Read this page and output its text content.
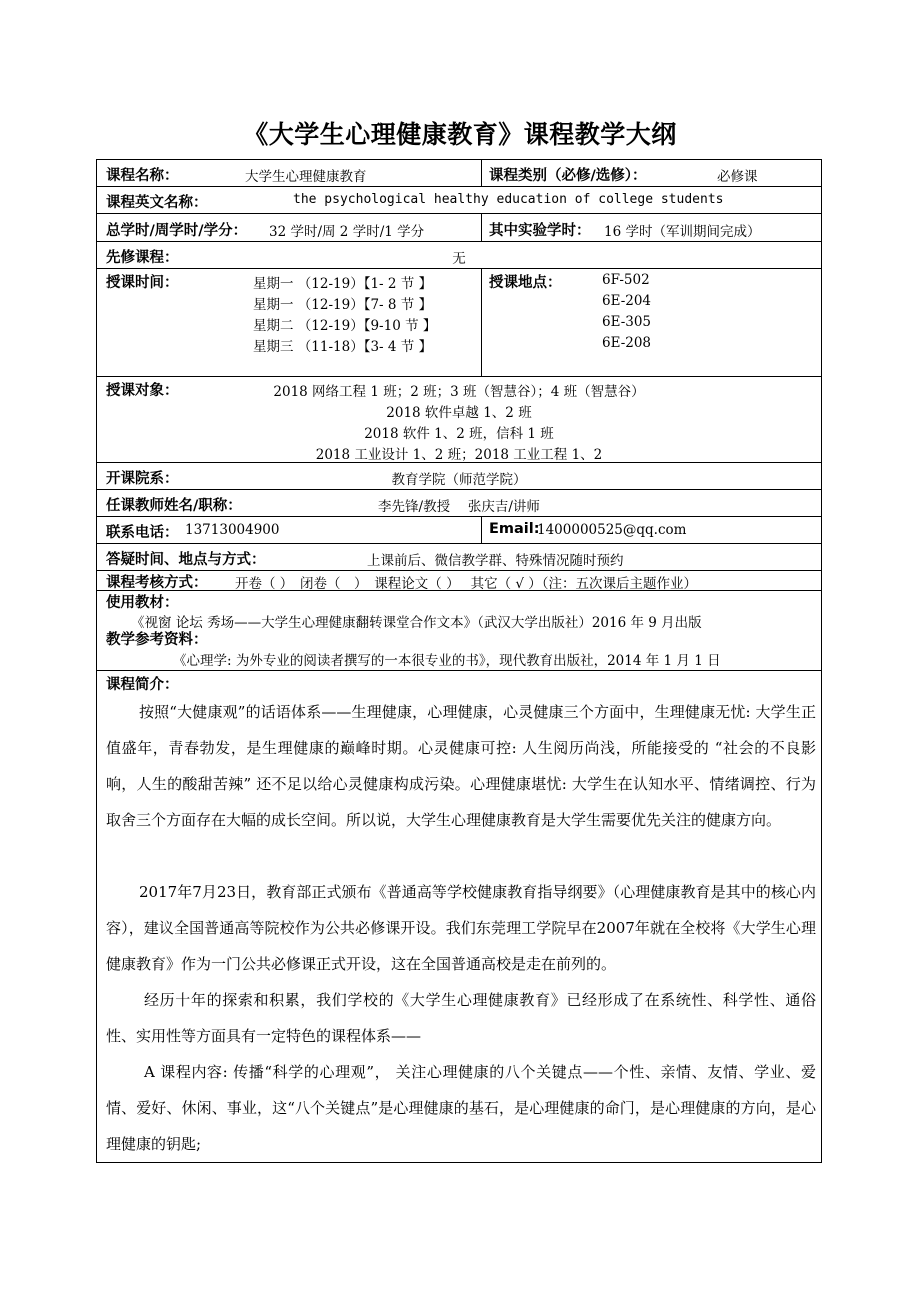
《大学生心理健康教育》课程教学大纲
课程名称：	大学生心理健康教育	课程类别（必修/选修）：	必修课
课程英文名称：	the psychological healthy education of college students
总学时/周学时/学分： 32 学时/周 2 学时/1 学分	其中实验学时： 16 学时（军训期间完成）
先修课程：	无
授课时间：	星期一 （12-19）【1- 2 节 】
星期一 （12-19）【7- 8 节 】
星期二 （12-19）【9-10 节 】
星期三 （11-18）【3- 4 节 】
授课地点：	6F-502
6E-204
6E-305
6E-208
授课对象：	2018 网络工程 1 班；2 班；3 班（智慧谷）；4 班（智慧谷）
2018 软件卓越 1、2 班
2018 软件 1、2 班，信科 1 班
2018 工业设计 1、2 班；2018 工业工程 1、2
开课院系：	教育学院（师范学院）
任课教师姓名/职称：	李先锋/教授　 张庆吉/讲师
联系电话： 13713004900	Email:
1400000525@qq.com
答疑时间、地点与方式：	上课前后、微信教学群、特殊情况随时预约
课程考核方式： 开卷（ ）　闭卷（　）　课程论文（ ）　 其它（ √ ）（注：五次课后主题作业）
使用教材：
《视窗 论坛 秀场——大学生心理健康翻转课堂合作文本》（武汉大学出版社）2016 年 9 月出版
教学参考资料：
《心理学: 为外专业的阅读者撰写的一本很专业的书》，现代教育出版社，2014 年 1 月 1 日
课程简介：

按照“大健康观”的话语体系——生理健康，心理健康，心灵健康三个方面中，生理健康无忧: 大学生正值盛年，青春勃发，是生理健康的巅峰时期。心灵健康可控: 人生阅历尚浅，所能接受的 “社会的不良影响，人生的酸甜苦辣” 还不足以给心灵健康构成污染。心理健康堪忧: 大学生在认知水平、情绪调控、行为取舍三个方面存在大幅的成长空间。所以说，大学生心理健康教育是大学生需要优先关注的健康方向。

2017年7月23日，教育部正式颁布《普通高等学校健康教育指导纲要》（心理健康教育是其中的核心内容），建议全国普通高等院校作为公共必修课开设。我们东莞理工学院早在2007年就在全校将《大学生心理健康教育》作为一门公共必修课正式开设，这在全国普通高校是走在前列的。

经历十年的探索和积累，我们学校的《大学生心理健康教育》已经形成了在系统性、科学性、通俗性、实用性等方面具有一定特色的课程体系——

A 课程内容: 传播“科学的心理观”， 关注心理健康的八个关键点——个性、亲情、友情、学业、爱情、爱好、休闲、事业，这“八个关键点”是心理健康的基石，是心理健康的命门，是心理健康的方向，是心理健康的钥匙;
